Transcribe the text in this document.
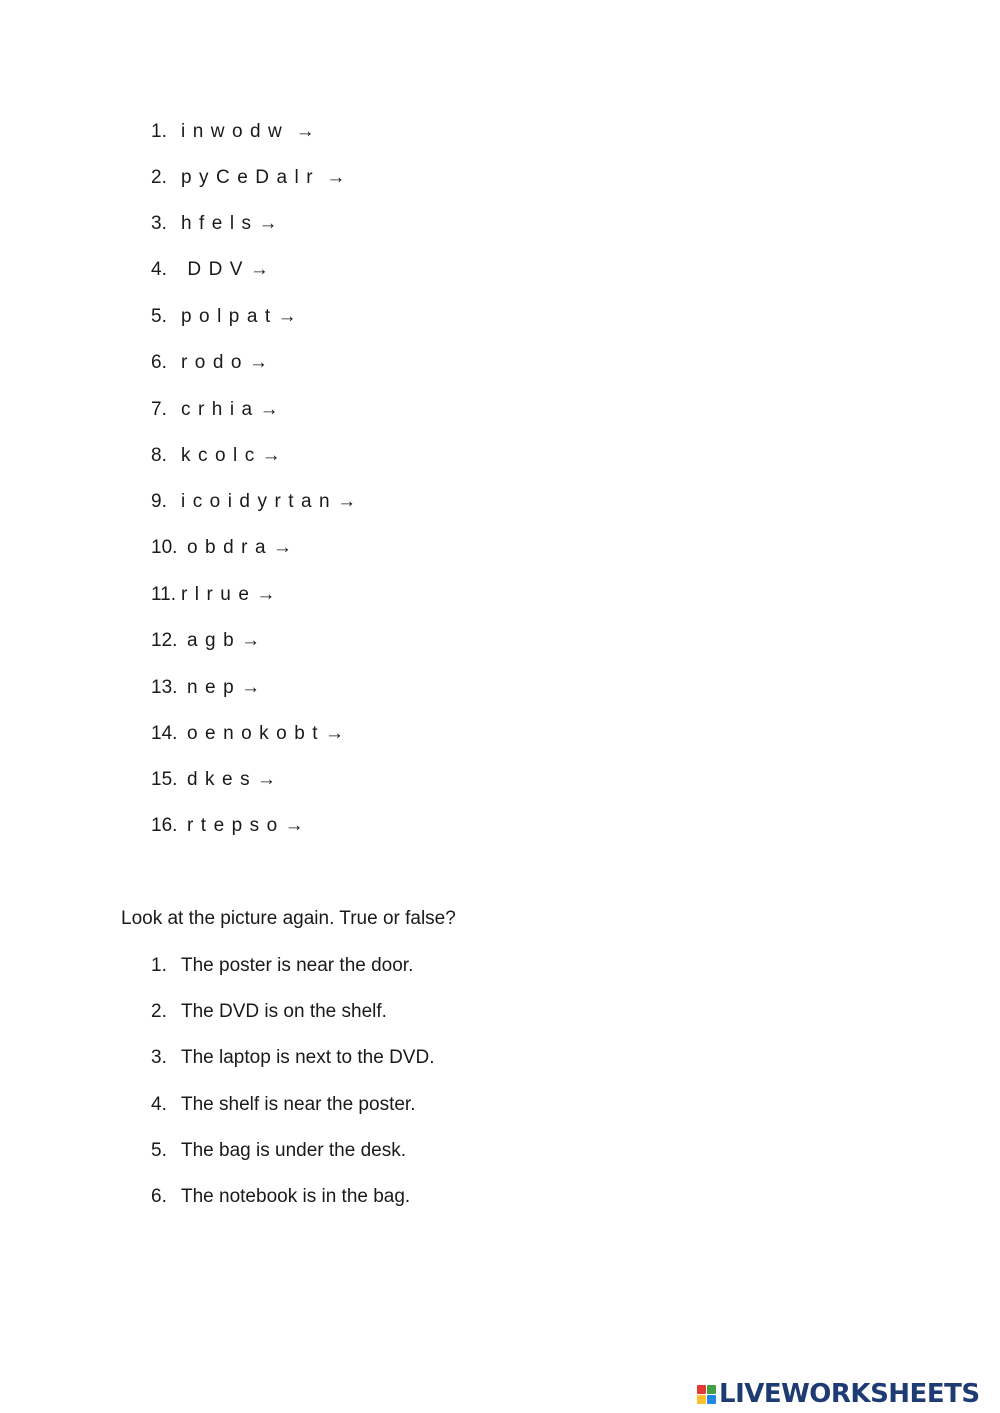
1. i n w o d w  →
2. p y C e D a l r  →
3. h f e l s →
4. D D V →
5. p o l p a t →
6. r o d o →
7. c r h i a →
8. k c o l c →
9. i c o i d y r t a n →
10. o b d r a →
11. r l r u e →
12. a g b →
13. n e p →
14. o e n o k o b t →
15. d k e s →
16. r t e p s o →
Look at the picture again. True or false?
1. The poster is near the door.
2. The DVD is on the shelf.
3. The laptop is next to the DVD.
4. The shelf is near the poster.
5. The bag is under the desk.
6. The notebook is in the bag.
LIVEWORKSHEETS
